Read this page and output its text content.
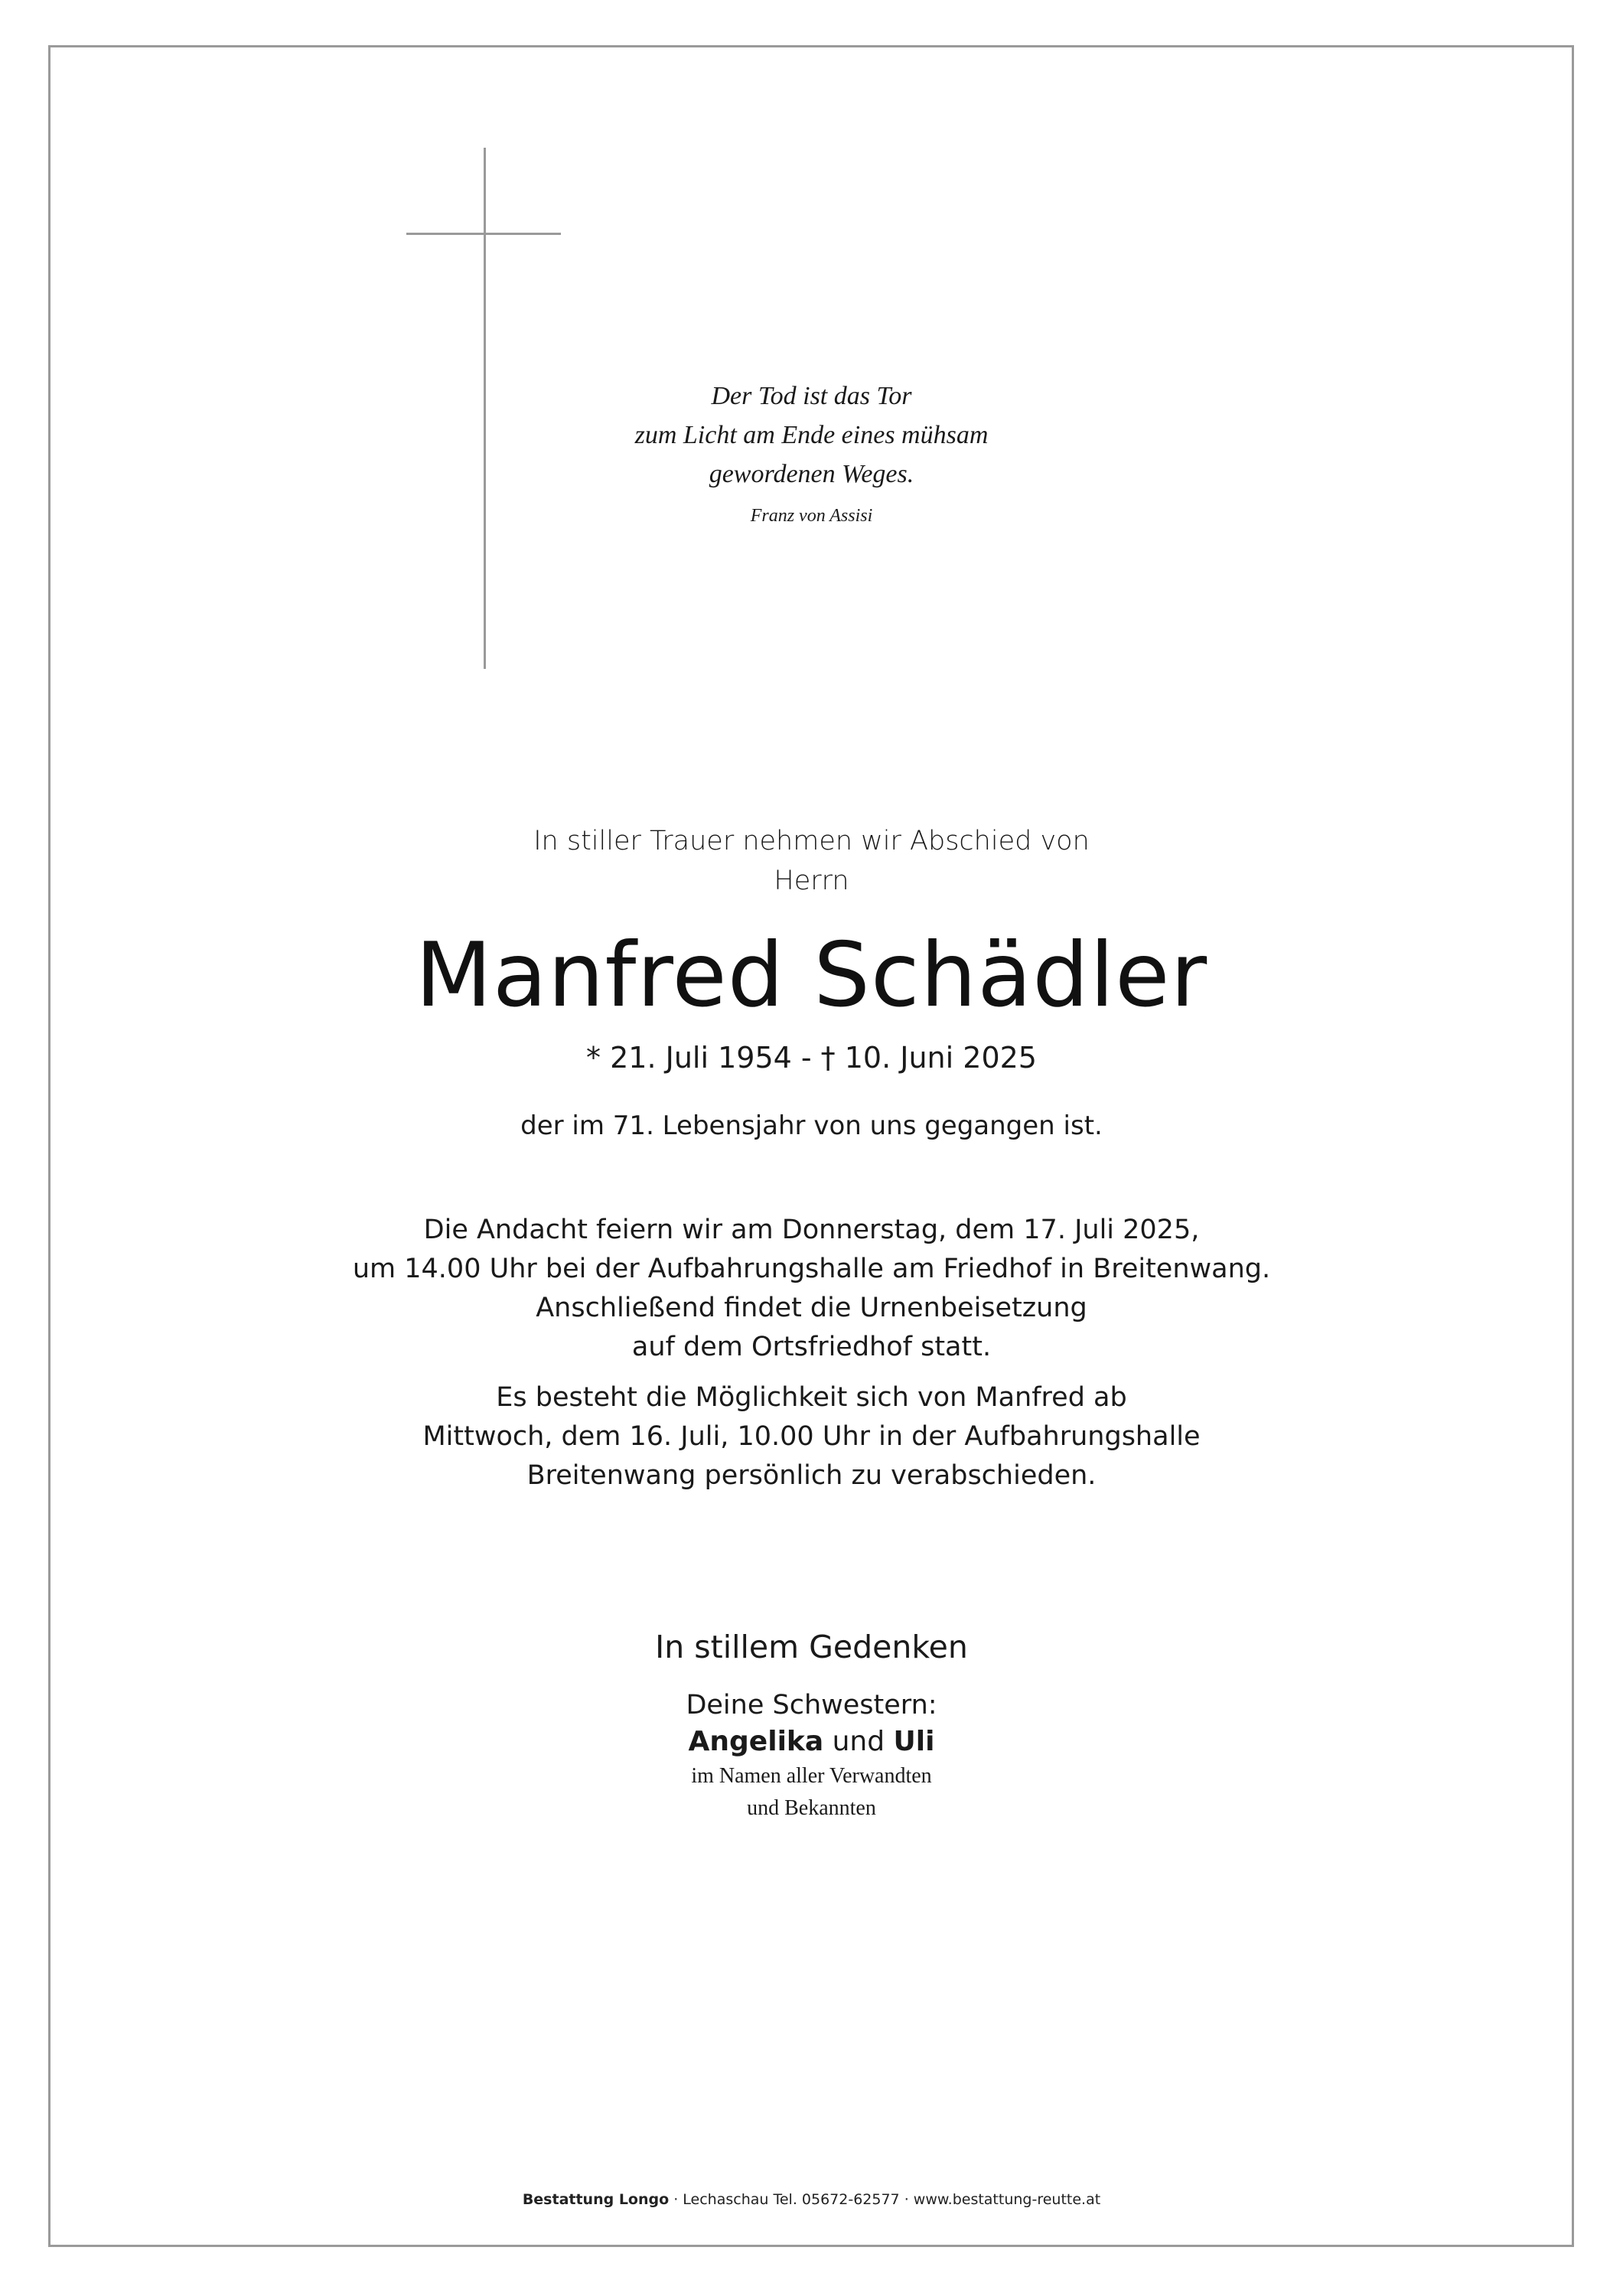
Der Tod ist das Tor
zum Licht am Ende eines mühsam
gewordenen Weges.
Franz von Assisi
In stiller Trauer nehmen wir Abschied von
Herrn
Manfred Schädler
* 21. Juli 1954 - † 10. Juni 2025
der im 71. Lebensjahr von uns gegangen ist.
Die Andacht feiern wir am Donnerstag, dem 17. Juli 2025,
um 14.00 Uhr bei der Aufbahrungshalle am Friedhof in Breitenwang.
Anschließend findet die Urnenbeisetzung
auf dem Ortsfriedhof statt.
Es besteht die Möglichkeit sich von Manfred ab
Mittwoch, dem 16. Juli, 10.00 Uhr in der Aufbahrungshalle
Breitenwang persönlich zu verabschieden.
In stillem Gedenken
Deine Schwestern:
Angelika und Uli
im Namen aller Verwandten
und Bekannten
Bestattung Longo · Lechaschau Tel. 05672-62577 · www.bestattung-reutte.at
